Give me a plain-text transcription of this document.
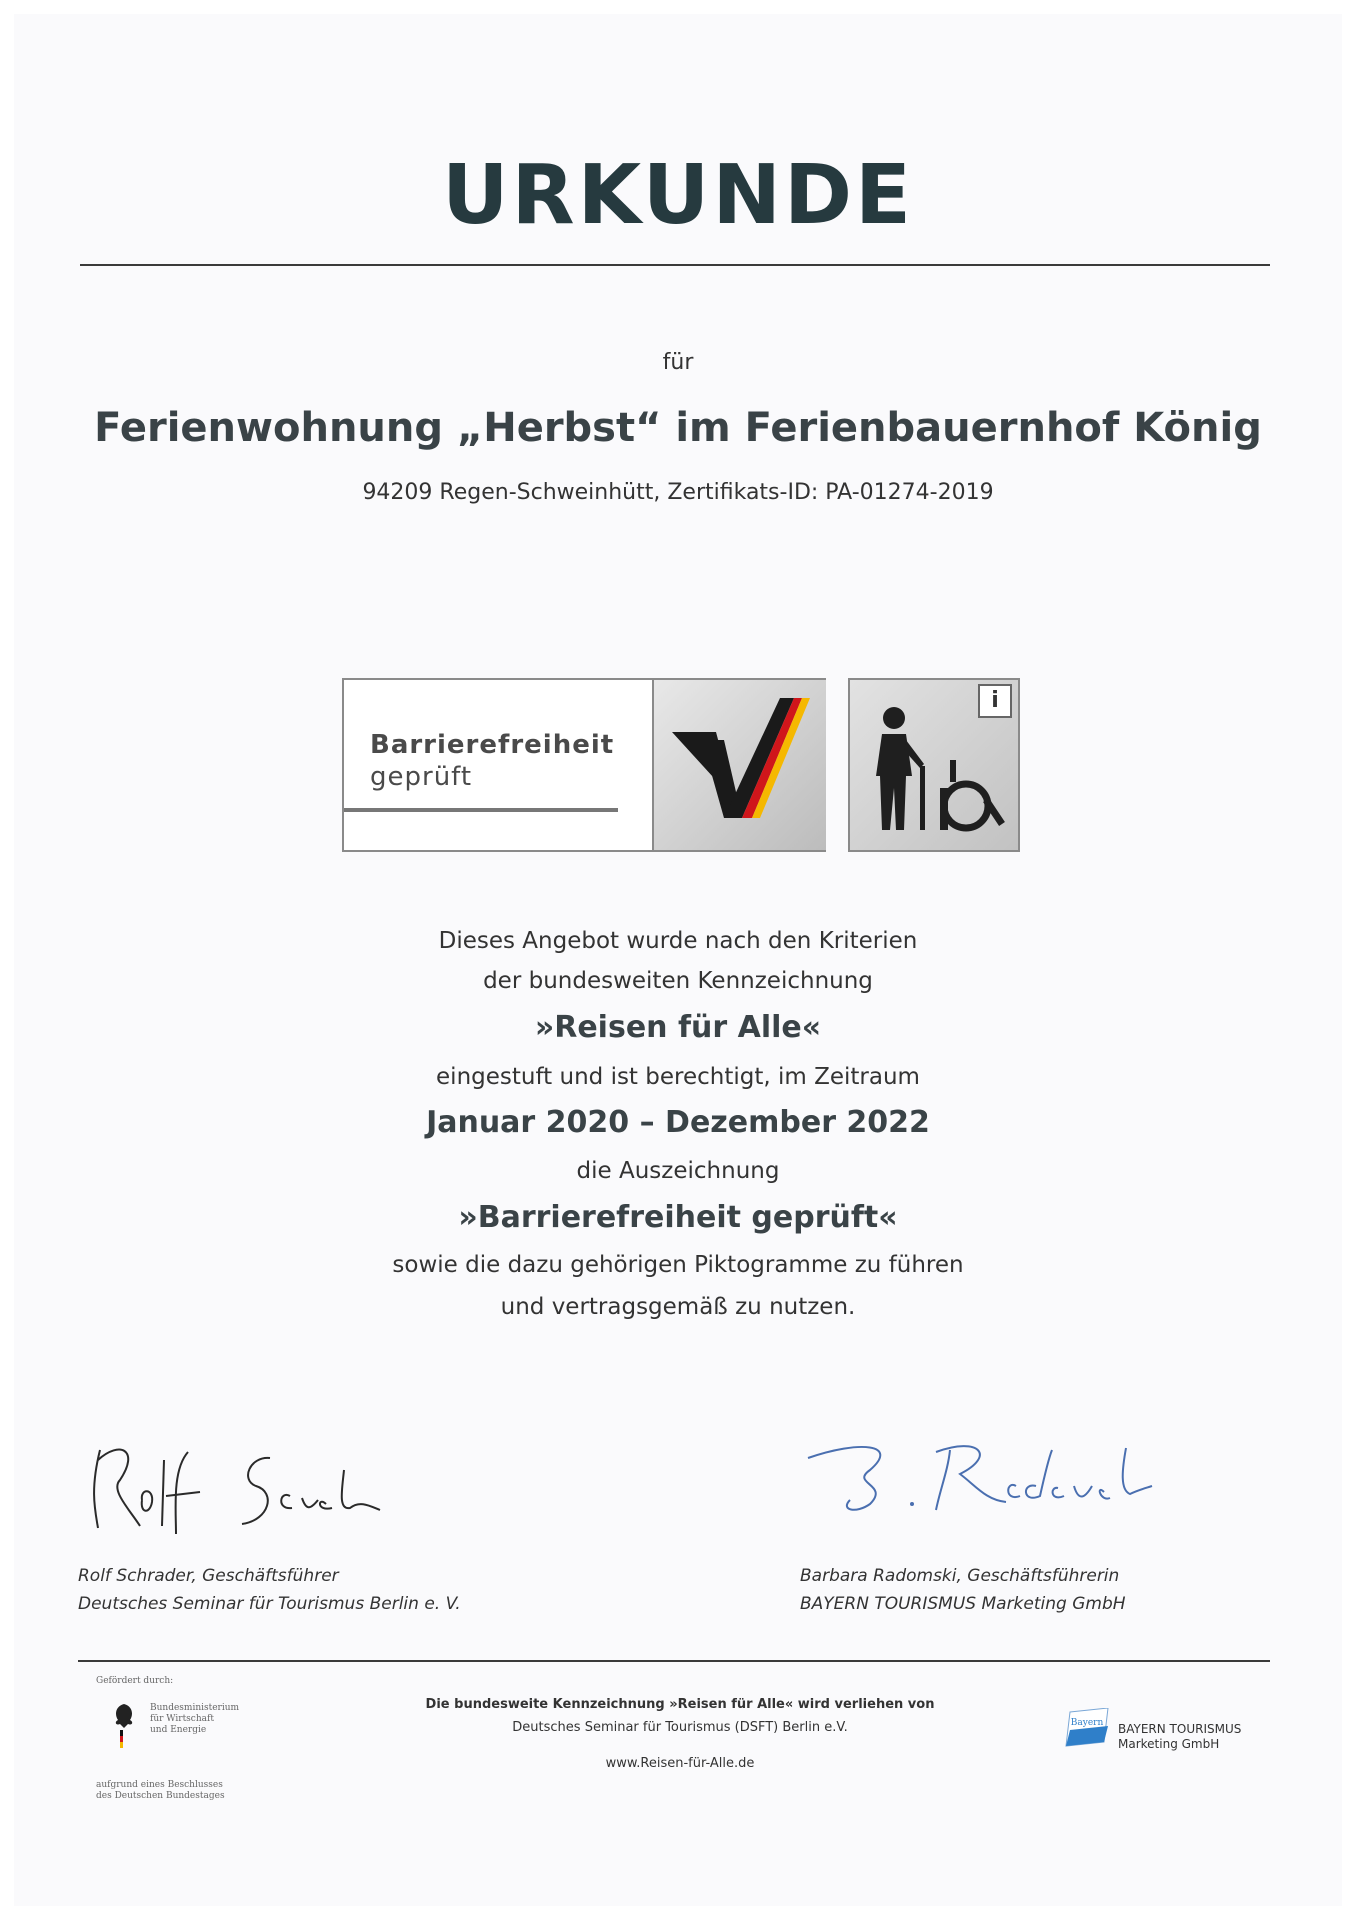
URKUNDE
für
Ferienwohnung „Herbst“ im Ferienbauernhof König
94209 Regen-Schweinhütt, Zertifikats-ID: PA-01274-2019
Barrierefreiheit
geprüft
i
Dieses Angebot wurde nach den Kriterien
der bundesweiten Kennzeichnung
»Reisen für Alle«
eingestuft und ist berechtigt, im Zeitraum
Januar 2020 – Dezember 2022
die Auszeichnung
»Barrierefreiheit geprüft«
sowie die dazu gehörigen Piktogramme zu führen
und vertragsgemäß zu nutzen.
Rolf Schrader, Geschäftsführer
Deutsches Seminar für Tourismus Berlin e. V.
Barbara Radomski, Geschäftsführerin
BAYERN TOURISMUS Marketing GmbH
Gefördert durch:
Bundesministerium
für Wirtschaft
und Energie
aufgrund eines Beschlusses
des Deutschen Bundestages
Die bundesweite Kennzeichnung »Reisen für Alle« wird verliehen von
Deutsches Seminar für Tourismus (DSFT) Berlin e.V.
www.Reisen-für-Alle.de
Bayern BAYERN TOURISMUS
Marketing GmbH
